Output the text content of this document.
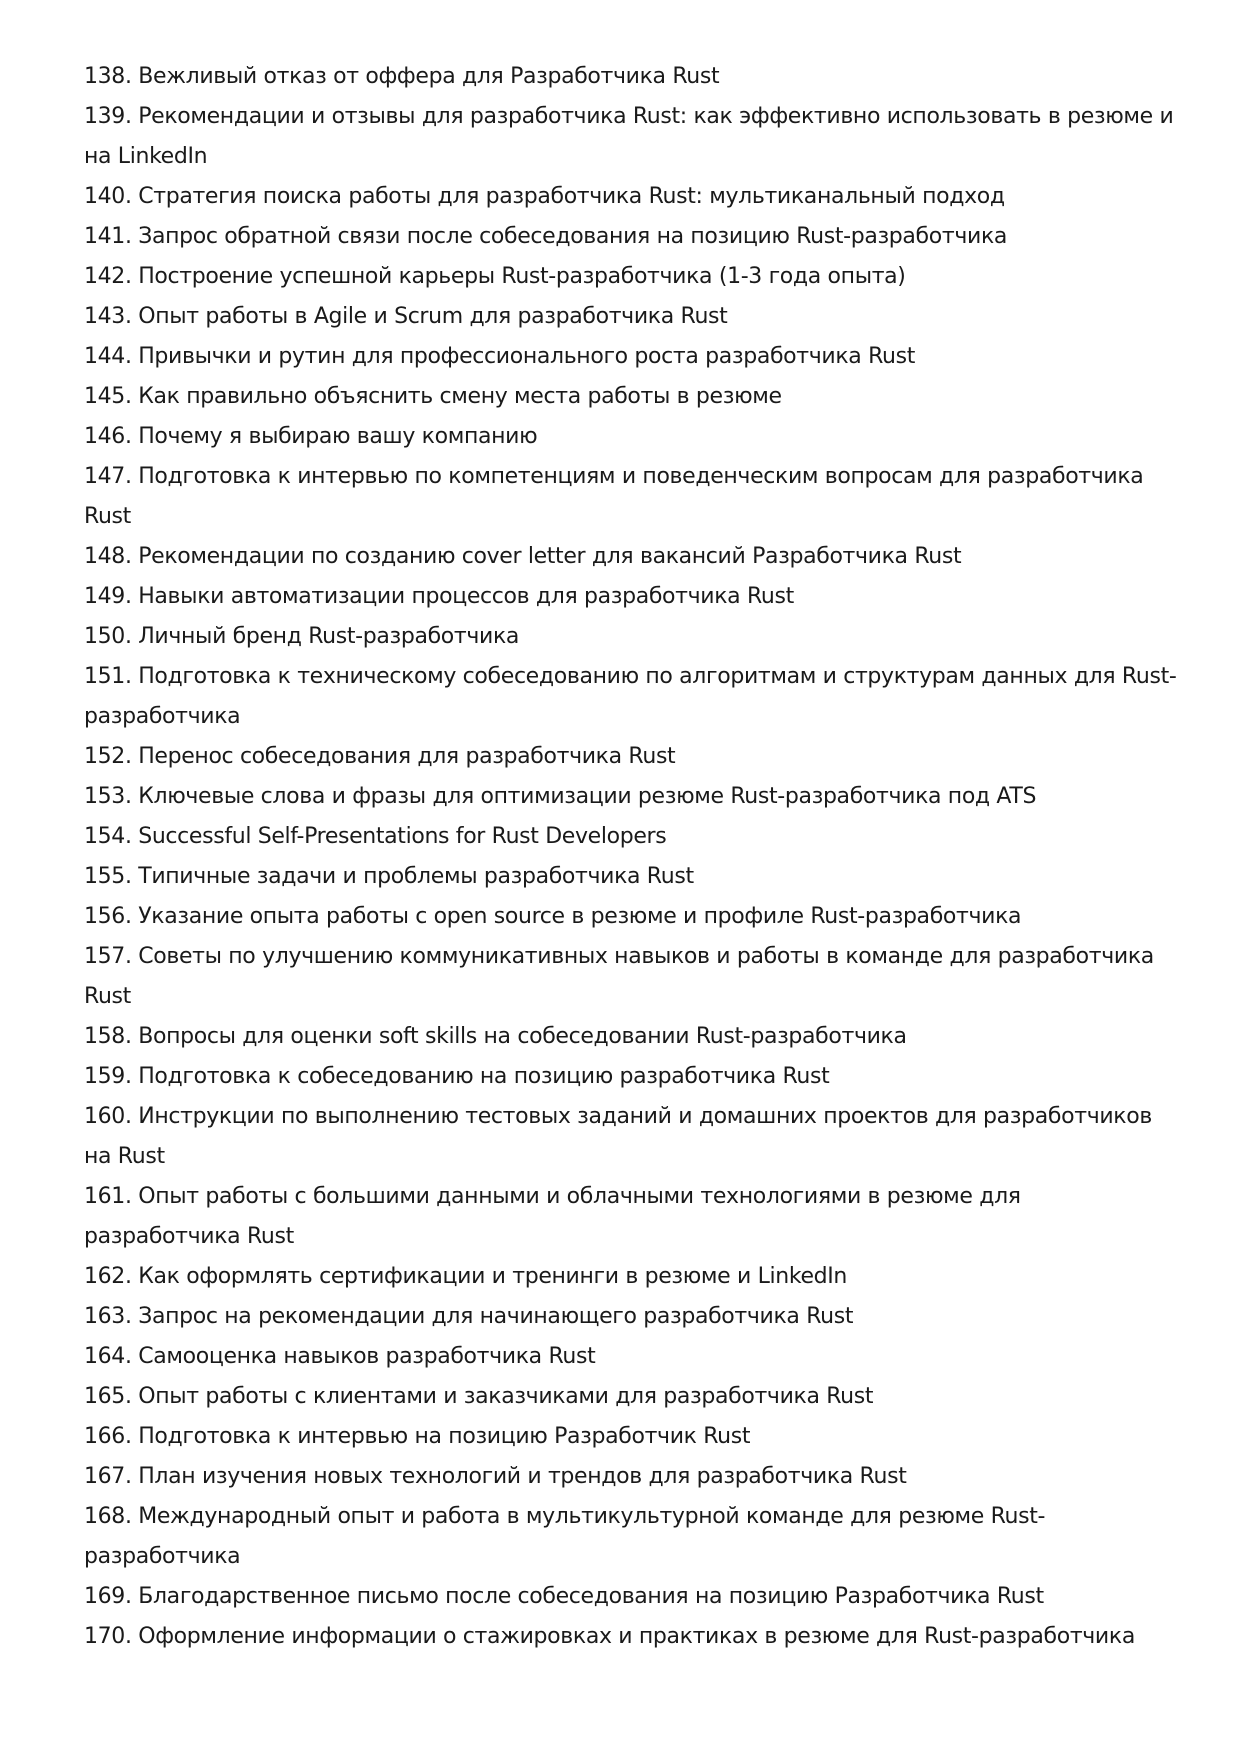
138. Вежливый отказ от оффера для Разработчика Rust
139. Рекомендации и отзывы для разработчика Rust: как эффективно использовать в резюме и на LinkedIn
140. Стратегия поиска работы для разработчика Rust: мультиканальный подход
141. Запрос обратной связи после собеседования на позицию Rust-разработчика
142. Построение успешной карьеры Rust-разработчика (1-3 года опыта)
143. Опыт работы в Agile и Scrum для разработчика Rust
144. Привычки и рутин для профессионального роста разработчика Rust
145. Как правильно объяснить смену места работы в резюме
146. Почему я выбираю вашу компанию
147. Подготовка к интервью по компетенциям и поведенческим вопросам для разработчика Rust
148. Рекомендации по созданию cover letter для вакансий Разработчика Rust
149. Навыки автоматизации процессов для разработчика Rust
150. Личный бренд Rust-разработчика
151. Подготовка к техническому собеседованию по алгоритмам и структурам данных для Rust-разработчика
152. Перенос собеседования для разработчика Rust
153. Ключевые слова и фразы для оптимизации резюме Rust-разработчика под ATS
154. Successful Self-Presentations for Rust Developers
155. Типичные задачи и проблемы разработчика Rust
156. Указание опыта работы с open source в резюме и профиле Rust-разработчика
157. Советы по улучшению коммуникативных навыков и работы в команде для разработчика Rust
158. Вопросы для оценки soft skills на собеседовании Rust-разработчика
159. Подготовка к собеседованию на позицию разработчика Rust
160. Инструкции по выполнению тестовых заданий и домашних проектов для разработчиков на Rust
161. Опыт работы с большими данными и облачными технологиями в резюме для разработчика Rust
162. Как оформлять сертификации и тренинги в резюме и LinkedIn
163. Запрос на рекомендации для начинающего разработчика Rust
164. Самооценка навыков разработчика Rust
165. Опыт работы с клиентами и заказчиками для разработчика Rust
166. Подготовка к интервью на позицию Разработчик Rust
167. План изучения новых технологий и трендов для разработчика Rust
168. Международный опыт и работа в мультикультурной команде для резюме Rust-разработчика
169. Благодарственное письмо после собеседования на позицию Разработчика Rust
170. Оформление информации о стажировках и практиках в резюме для Rust-разработчика
